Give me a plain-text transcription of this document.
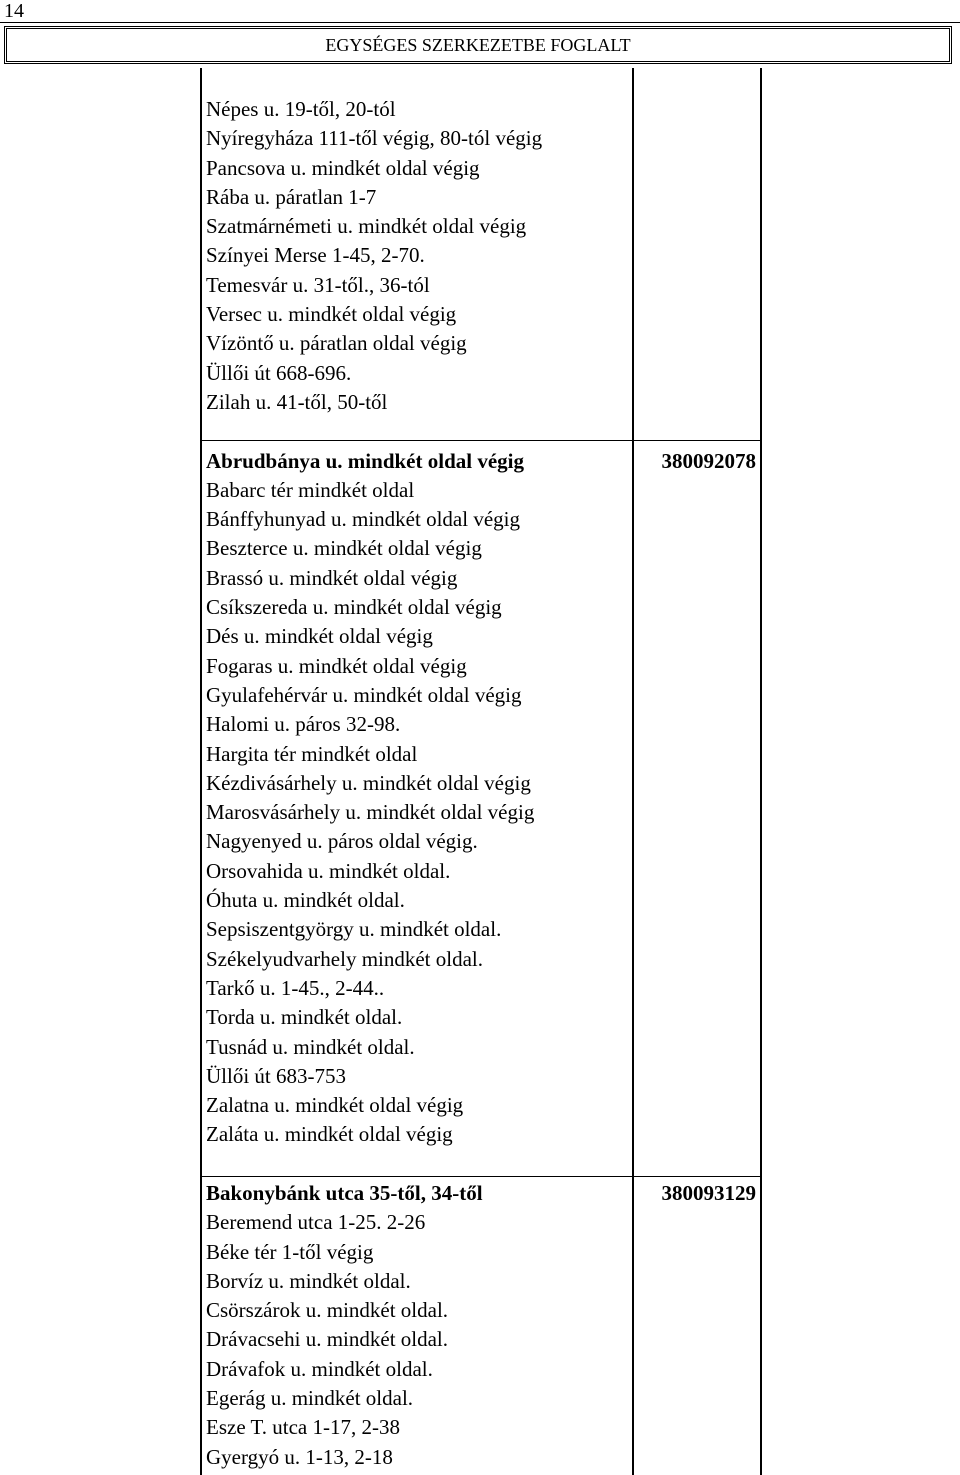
14
EGYSÉGES SZERKEZETBE FOGLALT
Népes u. 19-től, 20-tól
Nyíregyháza 111-től végig, 80-tól végig
Pancsova u. mindkét oldal végig
Rába u. páratlan 1-7
Szatmárnémeti u. mindkét oldal végig
Színyei Merse 1-45, 2-70.
Temesvár u. 31-től., 36-tól
Versec u. mindkét oldal végig
Vízöntő u. páratlan oldal végig
Üllői út 668-696.
Zilah u. 41-től, 50-től
Abrudbánya u. mindkét oldal végig	380092078
Babarc tér mindkét oldal
Bánffyhunyad u. mindkét oldal végig
Beszterce u. mindkét oldal végig
Brassó u. mindkét oldal végig
Csíkszereda u. mindkét oldal végig
Dés u. mindkét oldal végig
Fogaras u. mindkét oldal végig
Gyulafehérvár u. mindkét oldal végig
Halomi u. páros 32-98.
Hargita tér mindkét oldal
Kézdivásárhely u. mindkét oldal végig
Marosvásárhely u. mindkét oldal végig
Nagyenyed u. páros oldal végig.
Orsovahida u. mindkét oldal.
Óhuta u. mindkét oldal.
Sepsiszentgyörgy u. mindkét oldal.
Székelyudvarhely mindkét oldal.
Tarkő u. 1-45., 2-44..
Torda u. mindkét oldal.
Tusnád u. mindkét oldal.
Üllői út 683-753
Zalatna u. mindkét oldal végig
Zaláta u. mindkét oldal végig
Bakonybánk utca 35-től, 34-től	380093129
Beremend utca 1-25. 2-26
Béke tér 1-től végig
Borvíz u. mindkét oldal.
Csörszárok u. mindkét oldal.
Drávacsehi u. mindkét oldal.
Drávafok u. mindkét oldal.
Egerág u. mindkét oldal.
Esze T. utca 1-17, 2-38
Gyergyó u. 1-13, 2-18
